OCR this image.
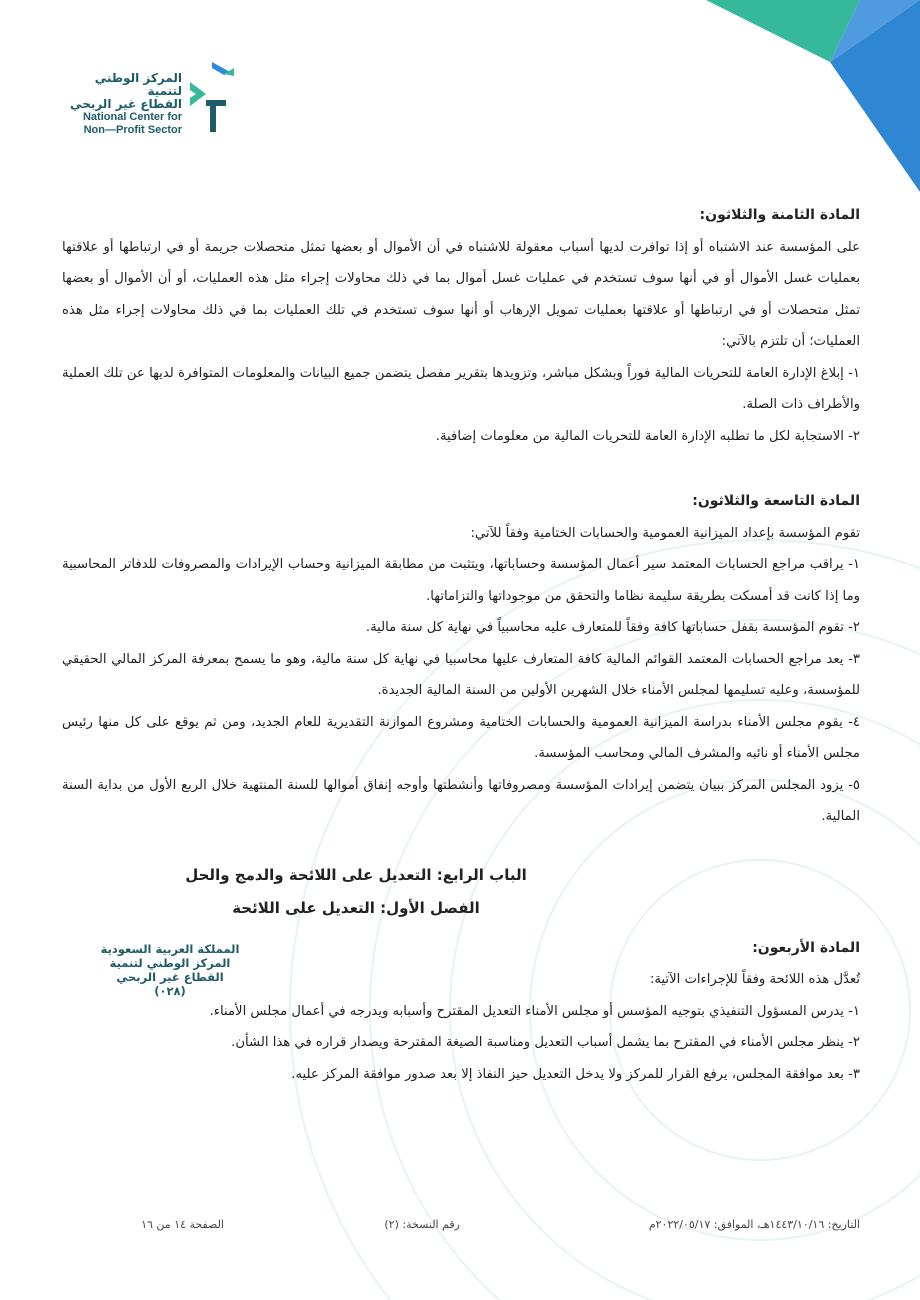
المركز الوطني لتنمية
القطاع غير الربحي
National Center for
Non—Profit Sector

المادة الثامنة والثلاثون:

على المؤسسة عند الاشتباه أو إذا توافرت لديها أسباب معقولة للاشتباه في أن الأموال أو بعضها تمثل متحصلات جريمة أو في ارتباطها أو علاقتها بعمليات غسل الأموال أو في أنها سوف تستخدم في عمليات غسل أموال بما في ذلك محاولات إجراء مثل هذه العمليات، أو أن الأموال أو بعضها تمثل متحصلات أو في ارتباطها أو علاقتها بعمليات تمويل الإرهاب أو أنها سوف تستخدم في تلك العمليات بما في ذلك محاولات إجراء مثل هذه العمليات؛ أن تلتزم بالآتي:

١- إبلاغ الإدارة العامة للتحريات المالية فوراً وبشكل مباشر، وتزويدها بتقرير مفصل يتضمن جميع البيانات والمعلومات المتوافرة لديها عن تلك العملية والأطراف ذات الصلة.

٢- الاستجابة لكل ما تطلبه الإدارة العامة للتحريات المالية من معلومات إضافية.

المادة التاسعة والثلاثون:

تقوم المؤسسة بإعداد الميزانية العمومية والحسابات الختامية وفقاً للآتي:

١- يراقب مراجع الحسابات المعتمد سير أعمال المؤسسة وحساباتها، ويتثبت من مطابقة الميزانية وحساب الإيرادات والمصروفات للدفاتر المحاسبية وما إذا كانت قد أمسكت بطريقة سليمة نظاما والتحقق من موجوداتها والتزاماتها.

٢- تقوم المؤسسة بقفل حساباتها كافة وفقاً للمتعارف عليه محاسبياً في نهاية كل سنة مالية.

٣- يعد مراجع الحسابات المعتمد القوائم المالية كافة المتعارف عليها محاسبيا في نهاية كل سنة مالية، وهو ما يسمح بمعرفة المركز المالي الحقيقي للمؤسسة، وعليه تسليمها لمجلس الأمناء خلال الشهرين الأولين من السنة المالية الجديدة.

٤- يقوم مجلس الأمناء بدراسة الميزانية العمومية والحسابات الختامية ومشروع الموازنة التقديرية للعام الجديد، ومن ثم يوقع على كل منها رئيس مجلس الأمناء أو نائبه والمشرف المالي ومحاسب المؤسسة.

٥- يزود المجلس المركز ببيان يتضمن إيرادات المؤسسة ومصروفاتها وأنشطتها وأوجه إنفاق أموالها للسنة المنتهية خلال الربع الأول من بداية السنة المالية.

الباب الرابع: التعديل على اللائحة والدمج والحل

الفصل الأول: التعديل على اللائحة

المادة الأربعون:

تُعدَّل هذه اللائحة وفقاً للإجراءات الآتية:

١- يدرس المسؤول التنفيذي بتوجيه المؤسس أو مجلس الأمناء التعديل المقترح وأسبابه ويدرجه في أعمال مجلس الأمناء.

٢- ينظر مجلس الأمناء في المقترح بما يشمل أسباب التعديل ومناسبة الصيغة المقترحة ويصدار قراره في هذا الشأن.

٣- بعد موافقة المجلس، يرفع القرار للمركز ولا يدخل التعديل حيز النفاذ إلا بعد صدور موافقة المركز عليه.

المملكة العربية السعودية
المركز الوطني لتنمية
القطاع غير الربحي
(٠٢٨)
التاريخ: ١٤٤٣/١٠/١٦هـ، الموافق: ٢٠٢٢/٠٥/١٧م
رقم النسخة: (٢)
الصفحة ١٤ من ١٦
